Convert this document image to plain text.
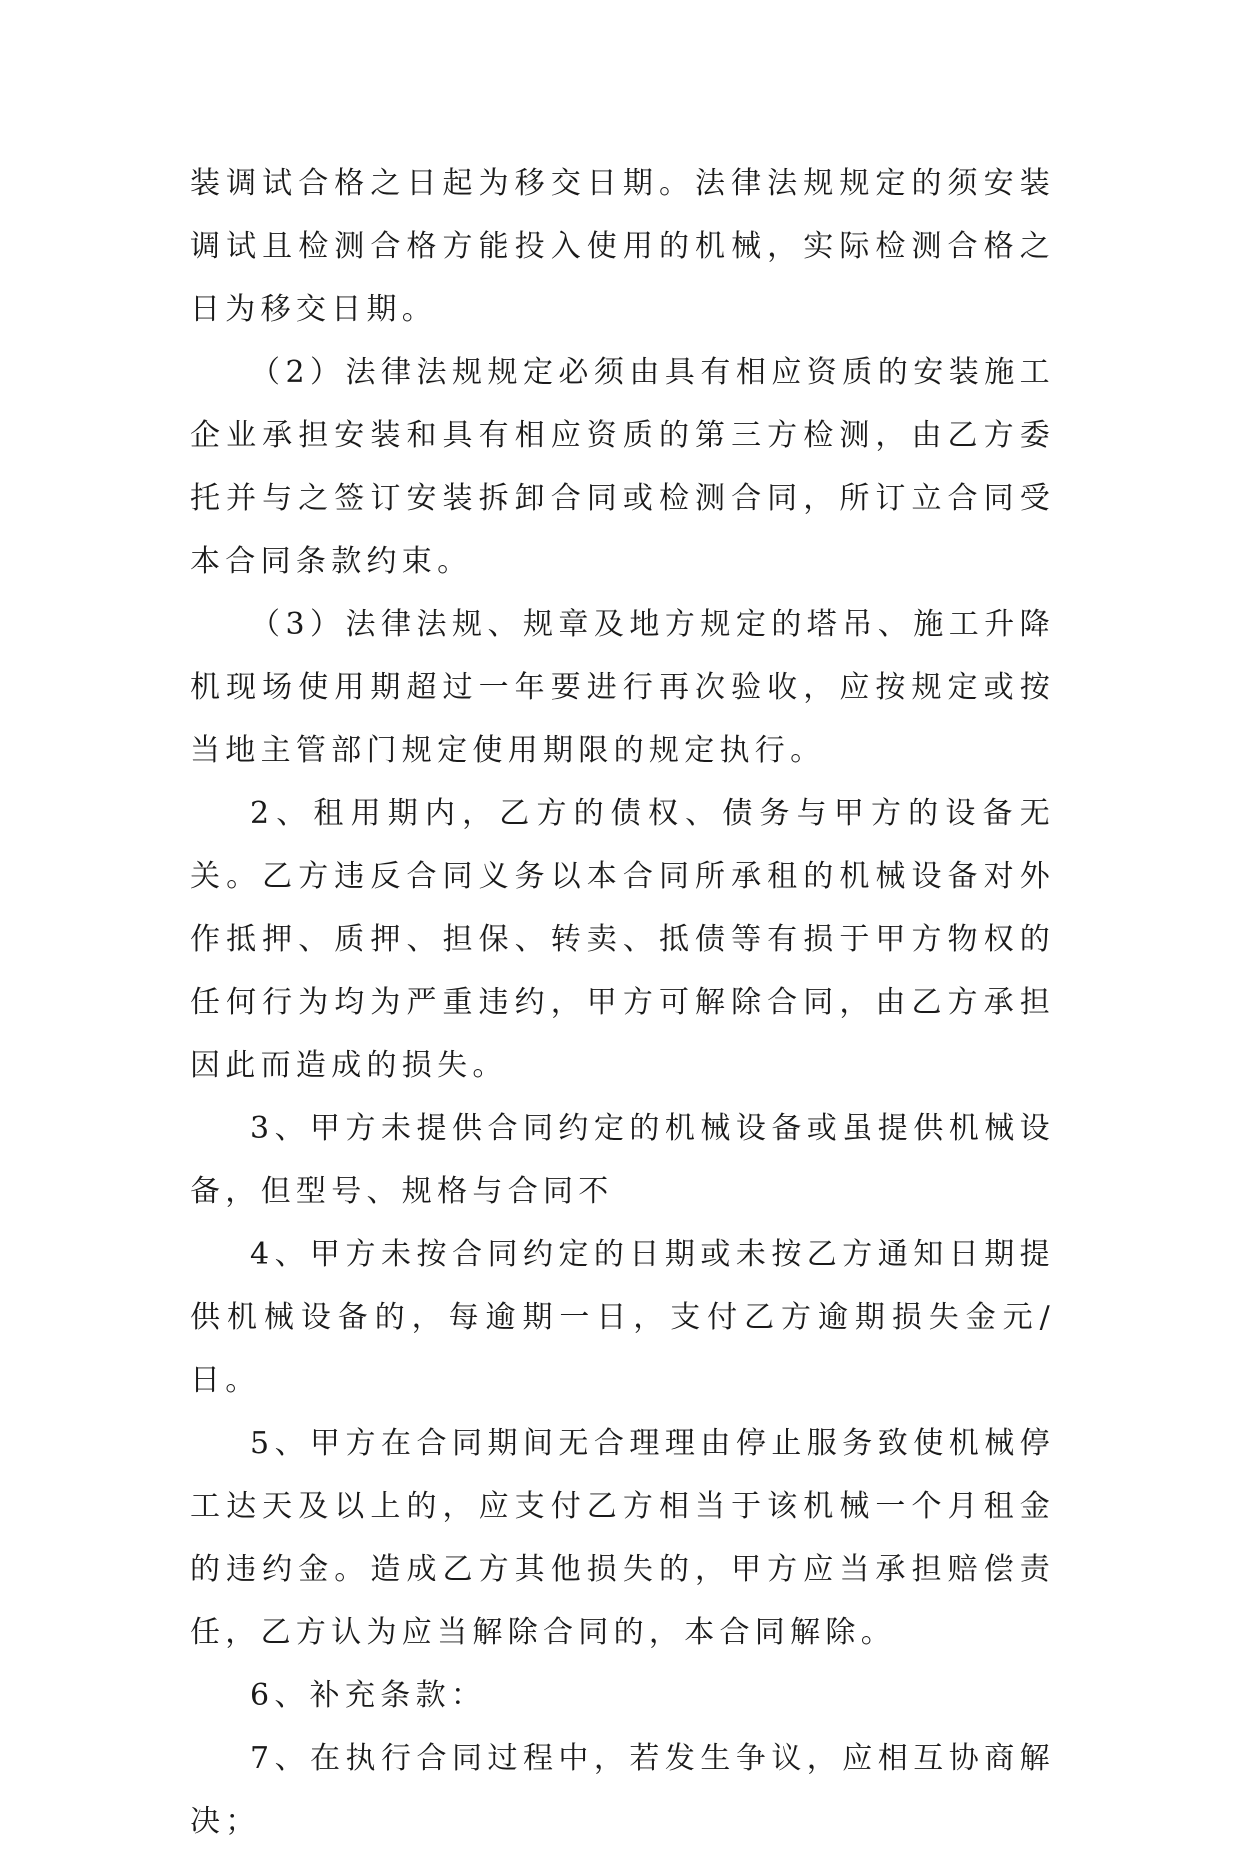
装调试合格之日起为移交日期。法律法规规定的须安装调试且检测合格方能投入使用的机械，实际检测合格之日为移交日期。

（2）法律法规规定必须由具有相应资质的安装施工企业承担安装和具有相应资质的第三方检测，由乙方委托并与之签订安装拆卸合同或检测合同，所订立合同受本合同条款约束。

（3）法律法规、规章及地方规定的塔吊、施工升降机现场使用期超过一年要进行再次验收，应按规定或按当地主管部门规定使用期限的规定执行。

2、租用期内，乙方的债权、债务与甲方的设备无关。乙方违反合同义务以本合同所承租的机械设备对外作抵押、质押、担保、转卖、抵债等有损于甲方物权的任何行为均为严重违约，甲方可解除合同，由乙方承担因此而造成的损失。

3、甲方未提供合同约定的机械设备或虽提供机械设备，但型号、规格与合同不

4、甲方未按合同约定的日期或未按乙方通知日期提供机械设备的，每逾期一日，支付乙方逾期损失金元/日。

5、甲方在合同期间无合理理由停止服务致使机械停工达天及以上的，应支付乙方相当于该机械一个月租金的违约金。造成乙方其他损失的，甲方应当承担赔偿责任，乙方认为应当解除合同的，本合同解除。

6、补充条款：

7、在执行合同过程中，若发生争议，应相互协商解决；
